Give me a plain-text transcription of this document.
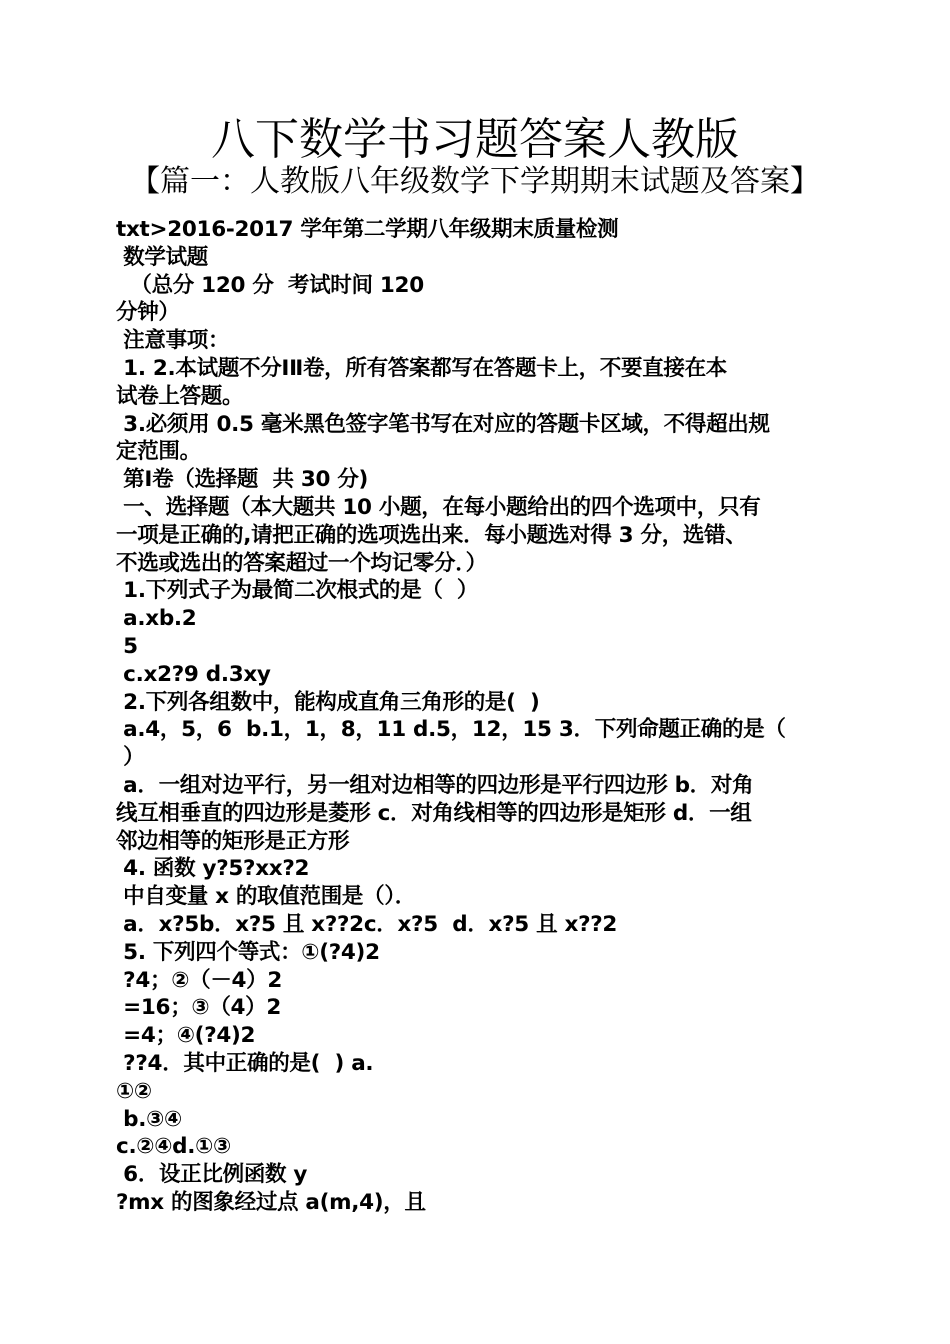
八下数学书习题答案人教版
【篇一：人教版八年级数学下学期期末试题及答案】
txt>2016-2017 学年第二学期八年级期末质量检测
数学试题
（总分 120 分  考试时间 120
分钟）
注意事项：
1. 2.本试题不分ⅠⅡ卷，所有答案都写在答题卡上，不要直接在本
试卷上答题。
3.必须用 0.5 毫米黑色签字笔书写在对应的答题卡区域，不得超出规
定范围。
第Ⅰ卷（选择题  共 30 分)
一、选择题（本大题共 10 小题，在每小题给出的四个选项中，只有
一项是正确的,请把正确的选项选出来．每小题选对得 3 分，选错、
不选或选出的答案超过一个均记零分．）
1.下列式子为最简二次根式的是（  ）
a.xb.2
5
c.x2?9 d.3xy
2.下列各组数中，能构成直角三角形的是(  )
a.4，5，6  b.1，1，8，11 d.5，12，15 3．下列命题正确的是（
）
a．一组对边平行，另一组对边相等的四边形是平行四边形 b．对角
线互相垂直的四边形是菱形 c．对角线相等的四边形是矩形 d．一组
邻边相等的矩形是正方形
4. 函数 y?5?xx?2
中自变量 x 的取值范围是（）．
a．x?5b．x?5 且 x??2c．x?5  d．x?5 且 x??2
5. 下列四个等式：①(?4)2
?4；②（－4）2
=16；③（4）2
=4；④(?4)2
??4．其中正确的是(  ) a.
①②
b.③④
c.②④d.①③
6．设正比例函数 y
?mx 的图象经过点 a(m,4)，且
